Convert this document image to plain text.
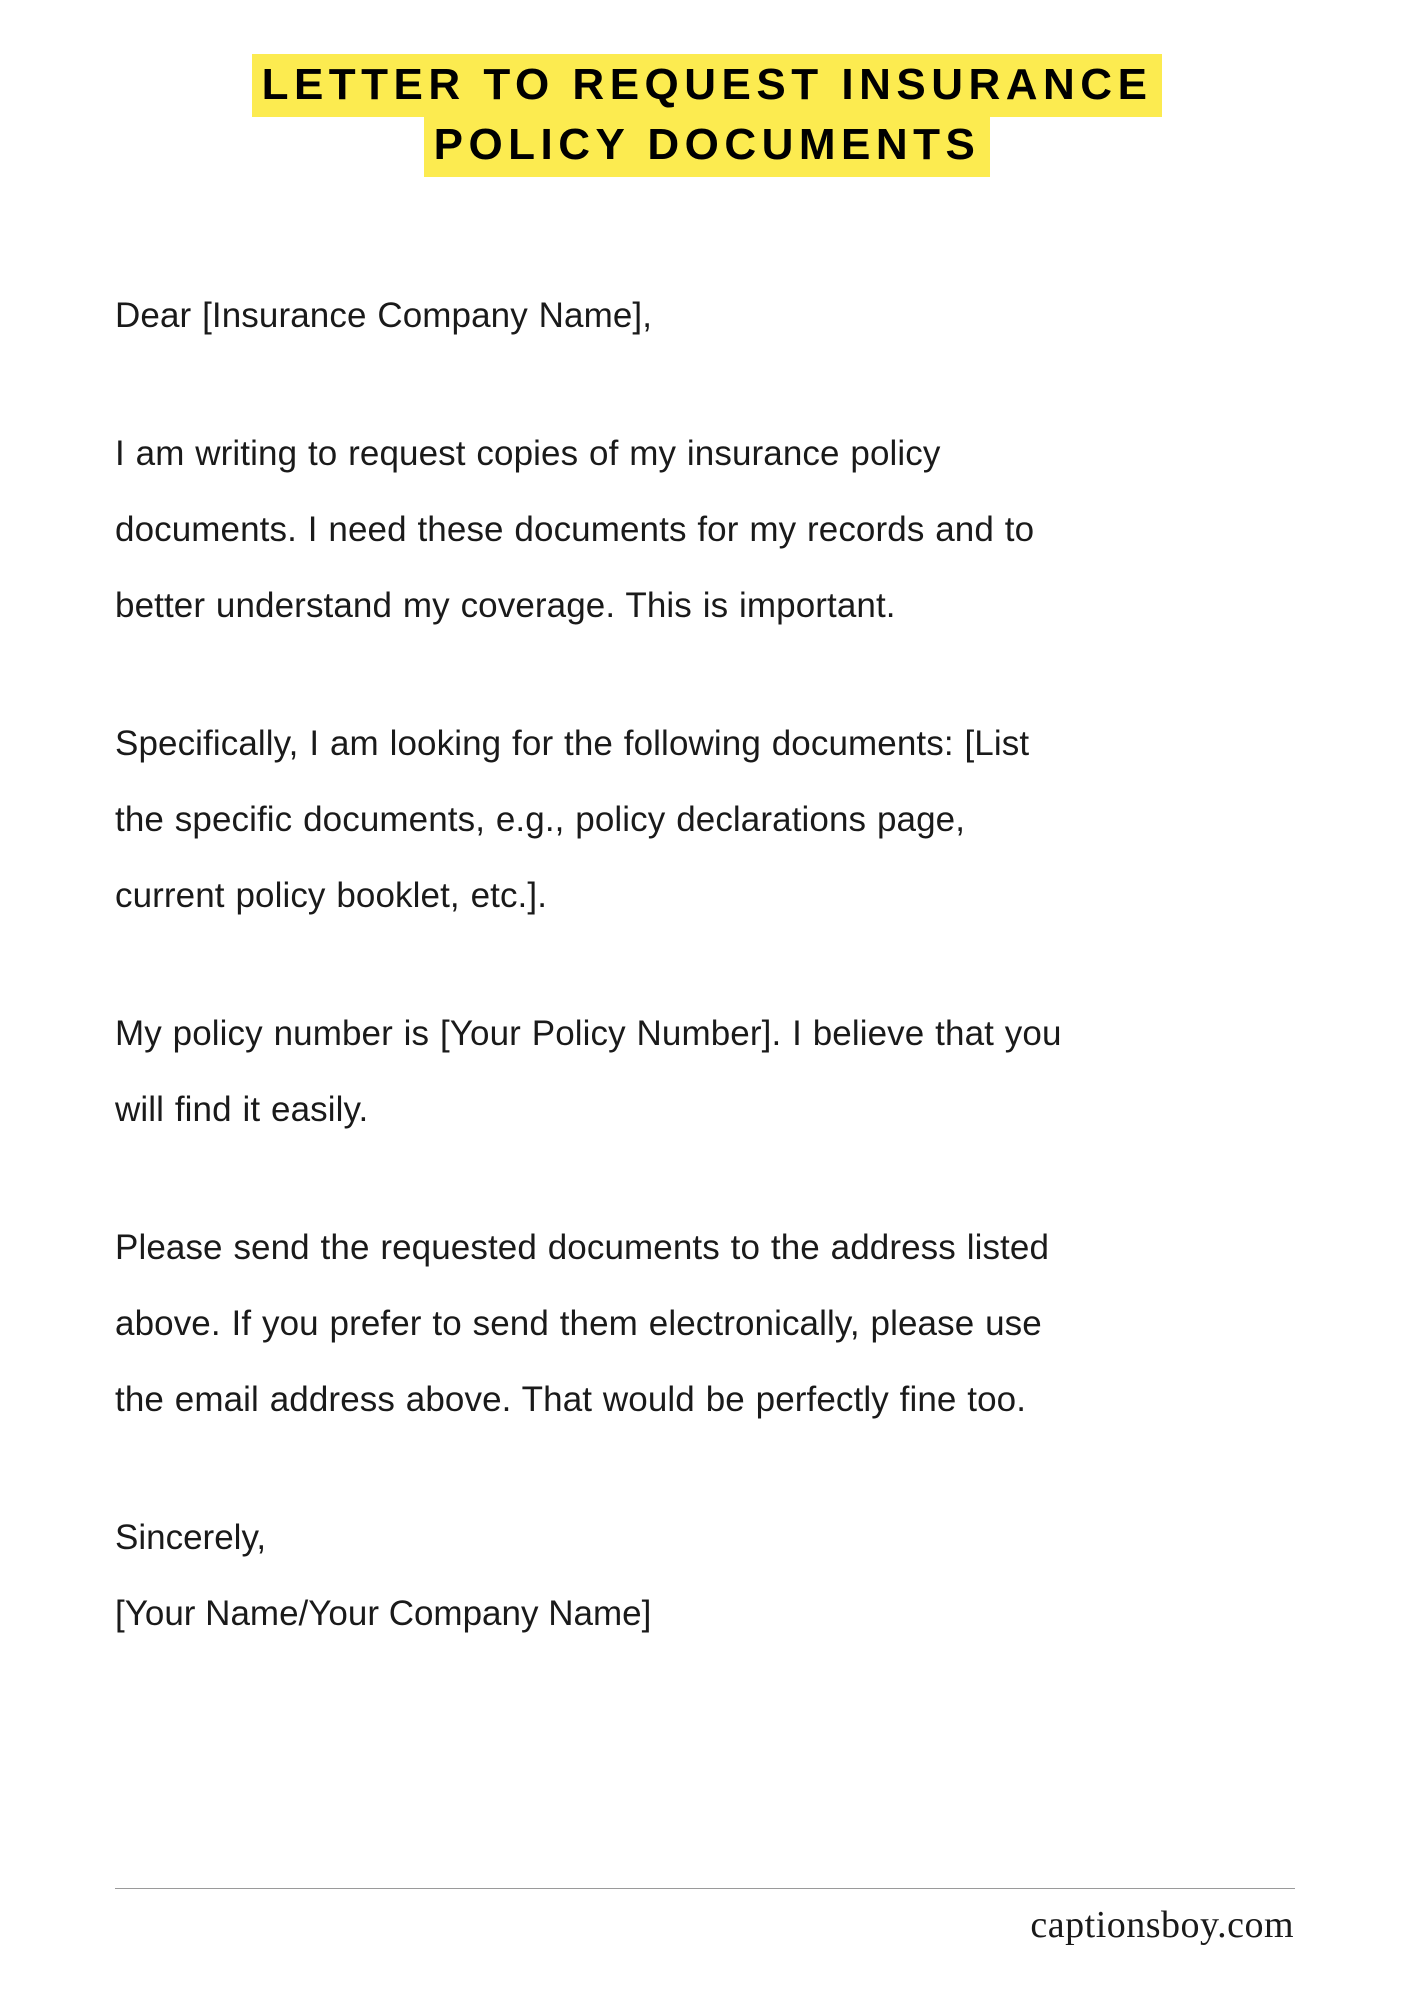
LETTER TO REQUEST INSURANCE
POLICY DOCUMENTS

Dear [Insurance Company Name],

I am writing to request copies of my insurance policy documents. I need these documents for my records and to better understand my coverage. This is important.

Specifically, I am looking for the following documents: [List the specific documents, e.g., policy declarations page, current policy booklet, etc.].

My policy number is [Your Policy Number]. I believe that you will find it easily.

Please send the requested documents to the address listed above. If you prefer to send them electronically, please use the email address above. That would be perfectly fine too.

Sincerely,

[Your Name/Your Company Name]

captionsboy.com
